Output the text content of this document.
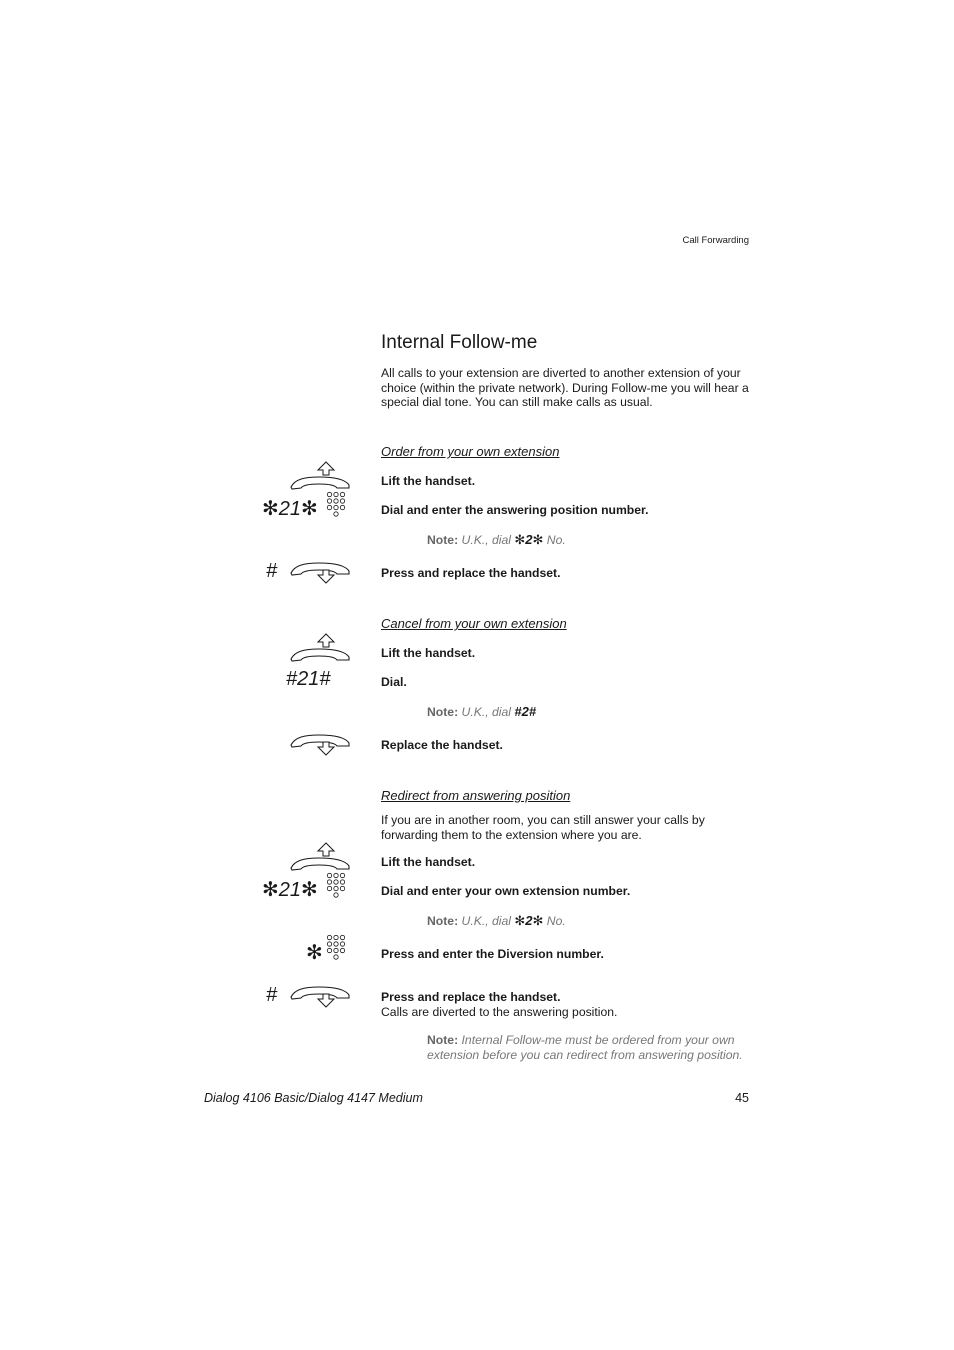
Call Forwarding
Internal Follow-me
All calls to your extension are diverted to another extension of your choice (within the private network). During Follow-me you will hear a special dial tone. You can still make calls as usual.
Order from your own extension
Lift the handset.
✻21✻	Dial and enter the answering position number.
Note: U.K., dial ✻2✻ No.
#	Press and replace the handset.
Cancel from your own extension
Lift the handset.
#21#	Dial.
Note: U.K., dial #2#
Replace the handset.
Redirect from answering position
If you are in another room, you can still answer your calls by forwarding them to the extension where you are.
Lift the handset.
✻21✻	Dial and enter your own extension number.
Note: U.K., dial ✻2✻ No.
✻	Press and enter the Diversion number.
#	Press and replace the handset.
Calls are diverted to the answering position.
Note: Internal Follow-me must be ordered from your own extension before you can redirect from answering position.
Dialog 4106 Basic/Dialog 4147 Medium	45
